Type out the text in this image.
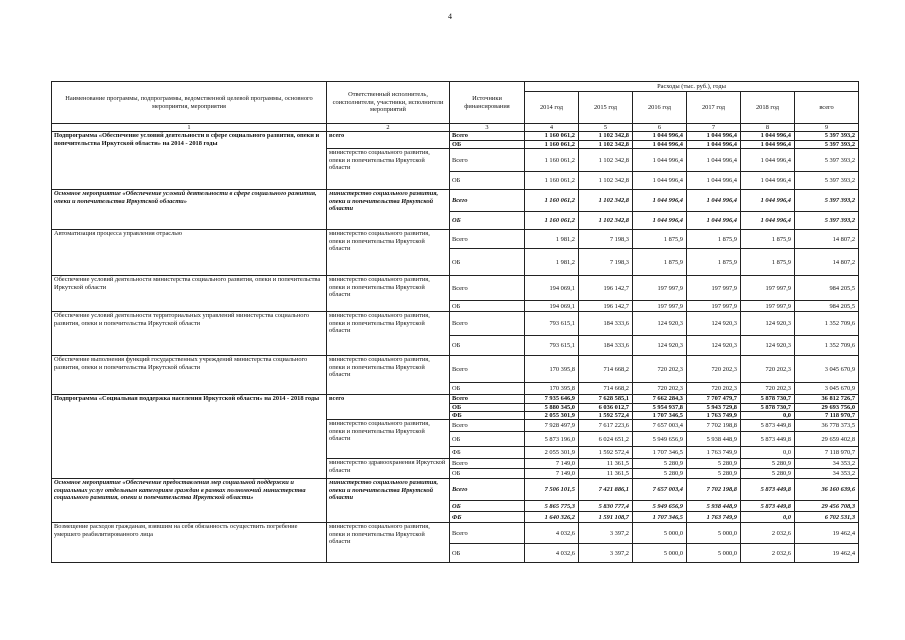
4
Наименование программы, подпрограммы, ведомственной целевой программы, основного мероприятия, мероприятия	Ответственный исполнитель, соисполнители, участники, исполнители мероприятий	Источники финансирования	Расходы (тыс. руб.), годы					
			2014 год	2015 год	2016 год	2017 год	2018 год	всего
1	2	3	4	5	6	7	8	9
Подпрограмма «Обеспечение условий деятельности в сфере социального развития, опеки и попечительства Иркутской области» на 2014 - 2018 годы	всего	Всего	1 160 061,2	1 102 342,8	1 044 996,4	1 044 996,4	1 044 996,4	5 397 393,2
		ОБ	1 160 061,2	1 102 342,8	1 044 996,4	1 044 996,4	1 044 996,4	5 397 393,2
	министерство социального развития, опеки и попечительства Иркутской области	Всего	1 160 061,2	1 102 342,8	1 044 996,4	1 044 996,4	1 044 996,4	5 397 393,2
		ОБ	1 160 061,2	1 102 342,8	1 044 996,4	1 044 996,4	1 044 996,4	5 397 393,2
Основное мероприятие «Обеспечение условий деятельности в сфере социального развития, опеки и попечительства Иркутской области»	министерство социального развития, опеки и попечительства Иркутской области	Всего	1 160 061,2	1 102 342,8	1 044 996,4	1 044 996,4	1 044 996,4	5 397 393,2
		ОБ	1 160 061,2	1 102 342,8	1 044 996,4	1 044 996,4	1 044 996,4	5 397 393,2
Автоматизация процесса управления отраслью	министерство социального развития, опеки и попечительства Иркутской области	Всего	1 981,2	7 198,3	1 875,9	1 875,9	1 875,9	14 807,2
		ОБ	1 981,2	7 198,3	1 875,9	1 875,9	1 875,9	14 807,2
Обеспечение условий деятельности министерства социального развития, опеки и попечительства Иркутской области	министерство социального развития, опеки и попечительства Иркутской области	Всего	194 069,1	196 142,7	197 997,9	197 997,9	197 997,9	984 205,5
		ОБ	194 069,1	196 142,7	197 997,9	197 997,9	197 997,9	984 205,5
Обеспечение условий деятельности территориальных управлений министерства социального развития, опеки и попечительства Иркутской области	министерство социального развития, опеки и попечительства Иркутской области	Всего	793 615,1	184 333,6	124 920,3	124 920,3	124 920,3	1 352 709,6
		ОБ	793 615,1	184 333,6	124 920,3	124 920,3	124 920,3	1 352 709,6
Обеспечение выполнения функций государственных учреждений министерства социального развития, опеки и попечительства Иркутской области	министерство социального развития, опеки и попечительства Иркутской области	Всего	170 395,8	714 668,2	720 202,3	720 202,3	720 202,3	3 045 670,9
		ОБ	170 395,8	714 668,2	720 202,3	720 202,3	720 202,3	3 045 670,9
Подпрограмма «Социальная поддержка населения Иркутской области» на 2014 - 2018 годы	всего	Всего	7 935 646,9	7 628 585,1	7 662 284,3	7 707 479,7	5 878 730,7	36 812 726,7
		ОБ	5 880 345,0	6 036 012,7	5 954 937,8	5 943 729,8	5 878 730,7	29 693 756,0
		ФБ	2 055 301,9	1 592 572,4	1 707 346,5	1 763 749,9	0,0	7 118 970,7
	министерство социального развития, опеки и попечительства Иркутской области	Всего	7 928 497,9	7 617 223,6	7 657 003,4	7 702 198,8	5 873 449,8	36 778 373,5
		ОБ	5 873 196,0	6 024 651,2	5 949 656,9	5 938 448,9	5 873 449,8	29 659 402,8
		ФБ	2 055 301,9	1 592 572,4	1 707 346,5	1 763 749,9	0,0	7 118 970,7
	министерство здравоохранения Иркутской области	Всего	7 149,0	11 361,5	5 280,9	5 280,9	5 280,9	34 353,2
		ОБ	7 149,0	11 361,5	5 280,9	5 280,9	5 280,9	34 353,2
Основное мероприятие «Обеспечение предоставления мер социальной поддержки и социальных услуг отдельным категориям граждан в рамках полномочий министерства социального развития, опеки и попечительства Иркутской области»	министерство социального развития, опеки и попечительства Иркутской области	Всего	7 506 101,5	7 421 886,1	7 657 003,4	7 702 198,8	5 873 449,8	36 160 639,6
		ОБ	5 865 775,3	5 830 777,4	5 949 656,9	5 938 448,9	5 873 449,8	29 456 708,3
		ФБ	1 640 326,2	1 591 108,7	1 707 346,5	1 763 749,9	0,0	6 702 531,3
Возмещение расходов гражданам, взявшим на себя обязанность осуществить погребение умершего реабилитированного лица	министерство социального развития, опеки и попечительства Иркутской области	Всего	4 032,6	3 397,2	5 000,0	5 000,0	2 032,6	19 462,4
		ОБ	4 032,6	3 397,2	5 000,0	5 000,0	2 032,6	19 462,4
